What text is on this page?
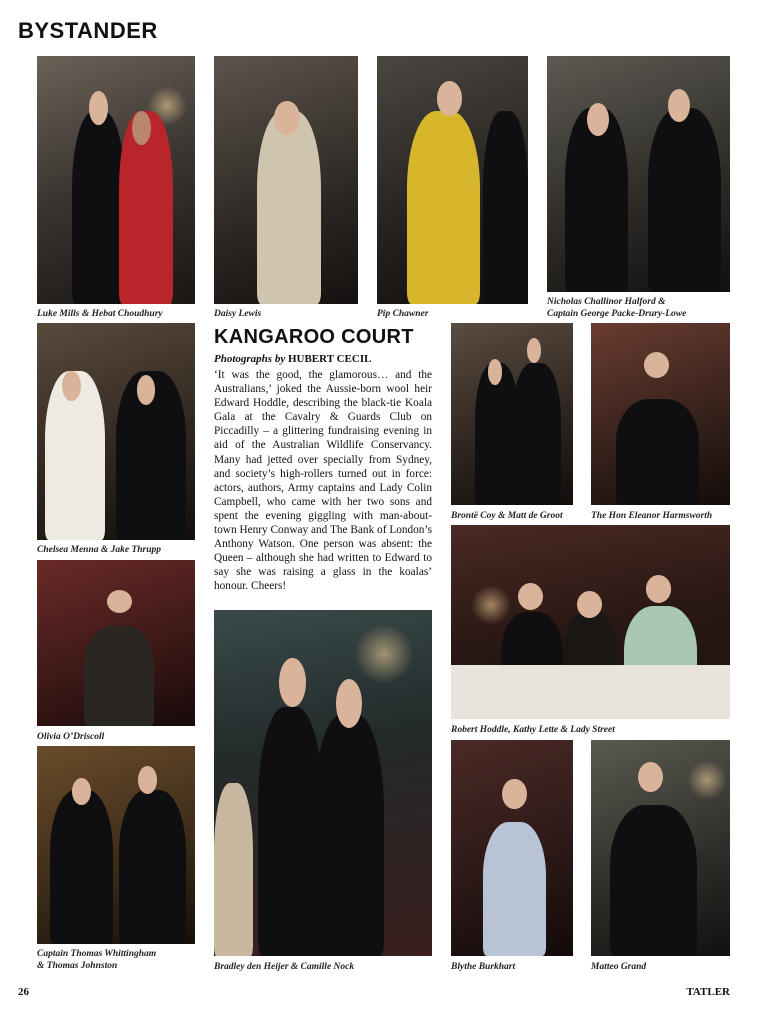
BYSTANDER
Luke Mills & Hebat Choudhury	Daisy Lewis	Pip Chawner
Nicholas Challinor Halford &
Captain George Packe-Drury-Lowe
Chelsea Menna & Jake Thrupp
Olivia O’Driscoll
Captain Thomas Whittingham
& Thomas Johnston
KANGAROO COURT
Photographs by HUBERT CECIL
‘It was the good, the glamorous… and the Australians,’ joked the Aussie-born wool heir Edward Hoddle, describing the black-tie Koala Gala at the Cavalry & Guards Club on Piccadilly – a glittering fundraising evening in aid of the Australian Wildlife Conservancy. Many had jetted over specially from Sydney, and society’s high-rollers turned out in force: actors, authors, Army captains and Lady Colin Campbell, who came with her two sons and spent the evening giggling with man-about-town Henry Conway and The Bank of London’s Anthony Watson. One person was absent: the Queen – although she had written to Edward to say she was raising a glass in the koalas’ honour. Cheers!
Bradley den Heijer & Camille Nock
Brontë Coy & Matt de Groot	The Hon Eleanor Harmsworth
Robert Hoddle, Kathy Lette & Lady Street
Blythe Burkhart	Matteo Grand
26	TATLER
